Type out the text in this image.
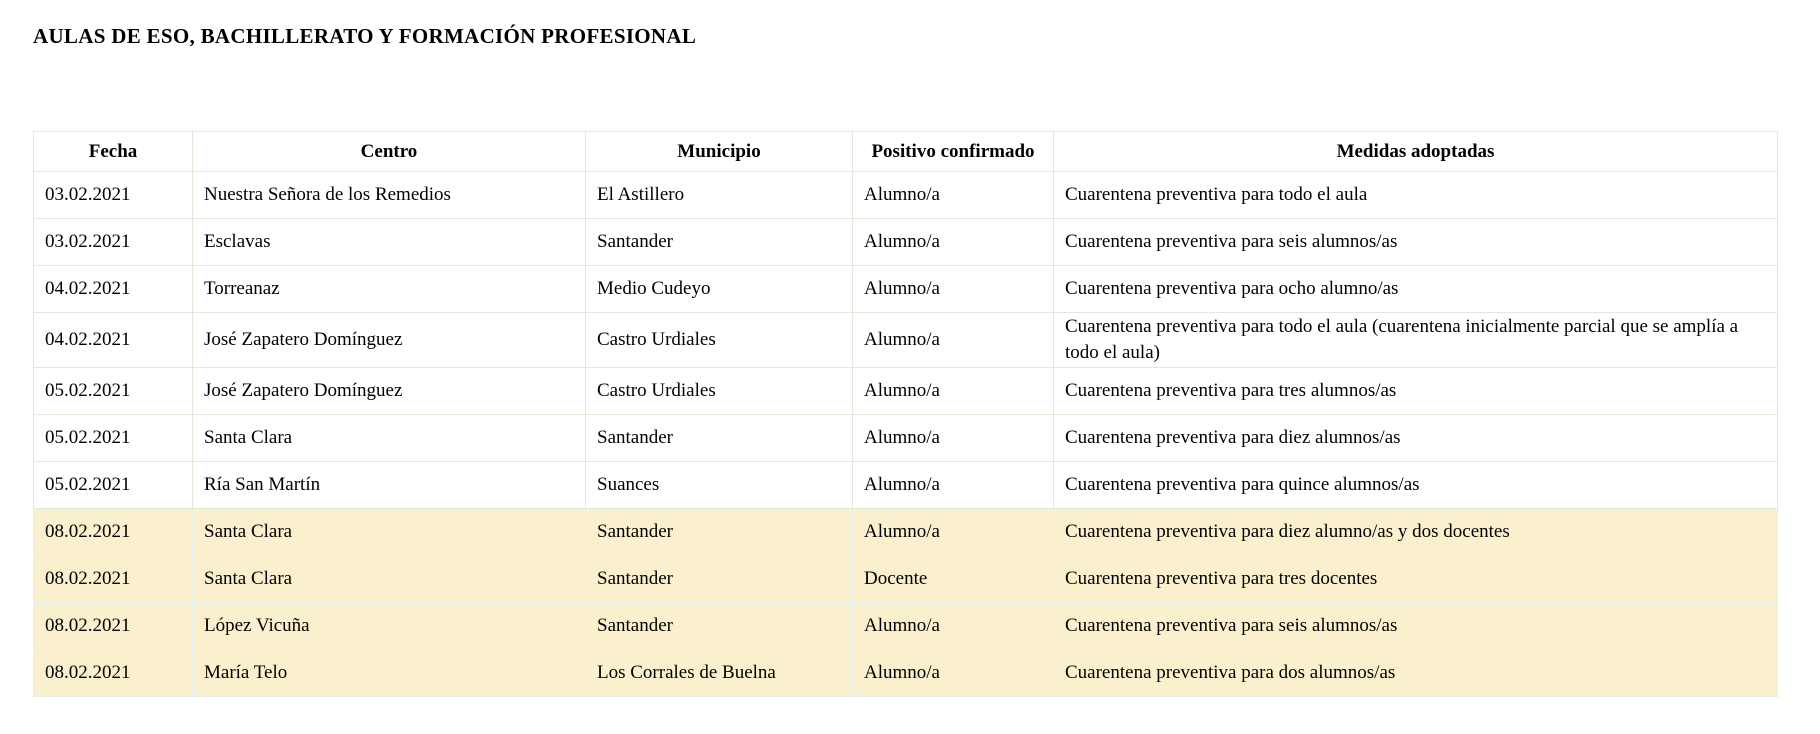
AULAS DE ESO, BACHILLERATO Y FORMACIÓN PROFESIONAL
Fecha	Centro	Municipio	Positivo confirmado	Medidas adoptadas
03.02.2021	Nuestra Señora de los Remedios	El Astillero	Alumno/a	Cuarentena preventiva para todo el aula
03.02.2021	Esclavas	Santander	Alumno/a	Cuarentena preventiva para seis alumnos/as
04.02.2021	Torreanaz	Medio Cudeyo	Alumno/a	Cuarentena preventiva para ocho alumno/as
04.02.2021	José Zapatero Domínguez	Castro Urdiales	Alumno/a	Cuarentena preventiva para todo el aula (cuarentena inicialmente parcial que se amplía a todo el aula)
05.02.2021	José Zapatero Domínguez	Castro Urdiales	Alumno/a	Cuarentena preventiva para tres alumnos/as
05.02.2021	Santa Clara	Santander	Alumno/a	Cuarentena preventiva para diez alumnos/as
05.02.2021	Ría San Martín	Suances	Alumno/a	Cuarentena preventiva para quince alumnos/as
08.02.2021	Santa Clara	Santander	Alumno/a	Cuarentena preventiva para diez alumno/as y dos docentes
08.02.2021	Santa Clara	Santander	Docente	Cuarentena preventiva para tres docentes
08.02.2021	López Vicuña	Santander	Alumno/a	Cuarentena preventiva para seis alumnos/as
08.02.2021	María Telo	Los Corrales de Buelna	Alumno/a	Cuarentena preventiva para dos alumnos/as
